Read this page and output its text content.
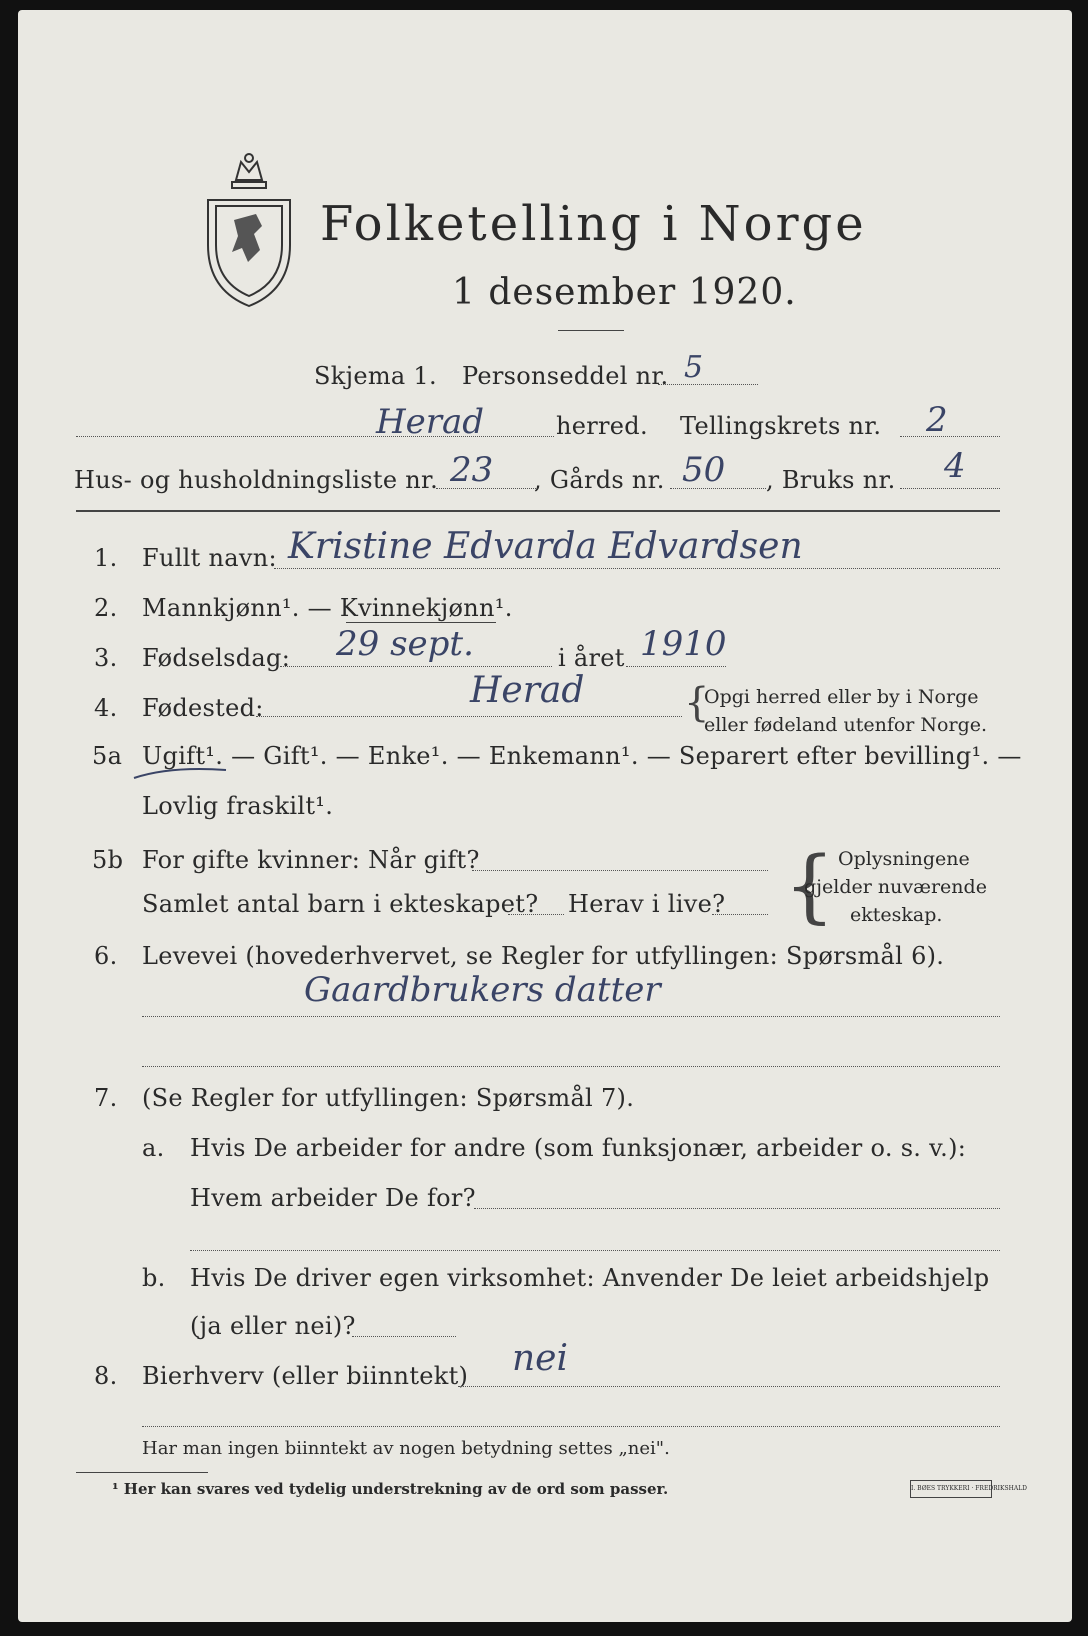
Folketelling i Norge
1 desember 1920.
Skjema 1. Personseddel nr. 5
Herad	herred. Tellingskrets nr. 2
Hus- og husholdningsliste nr. 23 , Gårds nr. 50 , Bruks nr. 4
1. Fullt navn: Kristine Edvarda Edvardsen
2. Mannkjønn¹. — Kvinnekjønn¹.
3. Fødselsdag: 29 sept.	i året 1910
4. Fødested:	Herad {
Opgi herred eller by i Norge
eller fødeland utenfor Norge.
5a Ugift¹. — Gift¹. — Enke¹. — Enkemann¹. — Separert efter bevilling¹. —
Lovlig fraskilt¹.
5b For gifte kvinner: Når gift?
Samlet antal barn i ekteskapet? Herav i live? { Oplysningene
gjelder nuværende
ekteskap.
6. Levevei (hovederhvervet, se Regler for utfyllingen: Spørsmål 6).
Gaardbrukers datter
7. (Se Regler for utfyllingen: Spørsmål 7).
a. Hvis De arbeider for andre (som funksjonær, arbeider o. s. v.):
Hvem arbeider De for?
b. Hvis De driver egen virksomhet: Anvender De leiet arbeidshjelp
(ja eller nei)?
8. Bierhverv (eller biinntekt) nei
Har man ingen biinntekt av nogen betydning settes „nei".
¹ Her kan svares ved tydelig understrekning av de ord som passer.	I. BØES TRYKKERI · FREDRIKSHALD
